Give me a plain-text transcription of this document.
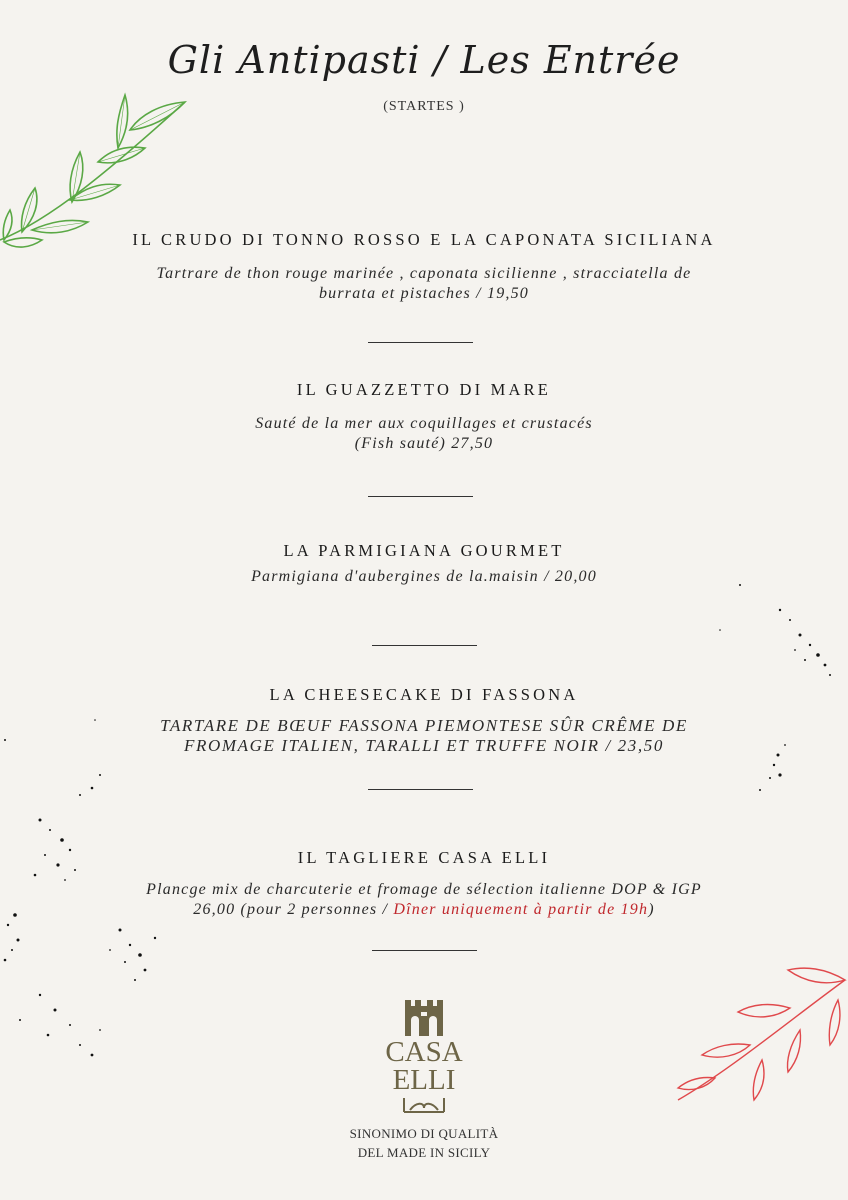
Gli Antipasti / Les Entrée
(STARTES )
IL CRUDO DI TONNO ROSSO E LA CAPONATA SICILIANA
Tartrare de thon rouge marinée , caponata sicilienne , stracciatella de
burrata et pistaches / 19,50
IL GUAZZETTO DI MARE
Sauté de la mer aux coquillages et crustacés
(Fish sauté) 27,50
LA PARMIGIANA GOURMET
Parmigiana d'aubergines de la.maisin / 20,00
LA CHEESECAKE DI FASSONA
TARTARE DE BŒUF FASSONA PIEMONTESE SÛR CRÊME DE
FROMAGE ITALIEN, TARALLI ET TRUFFE NOIR / 23,50
IL TAGLIERE CASA ELLI
Plancge mix de charcuterie et fromage de sélection italienne DOP & IGP
26,00 (pour 2 personnes / Dîner uniquement à partir de 19h)
CASA
ELLI
SINONIMO DI QUALITÀ
DEL MADE IN SICILY
